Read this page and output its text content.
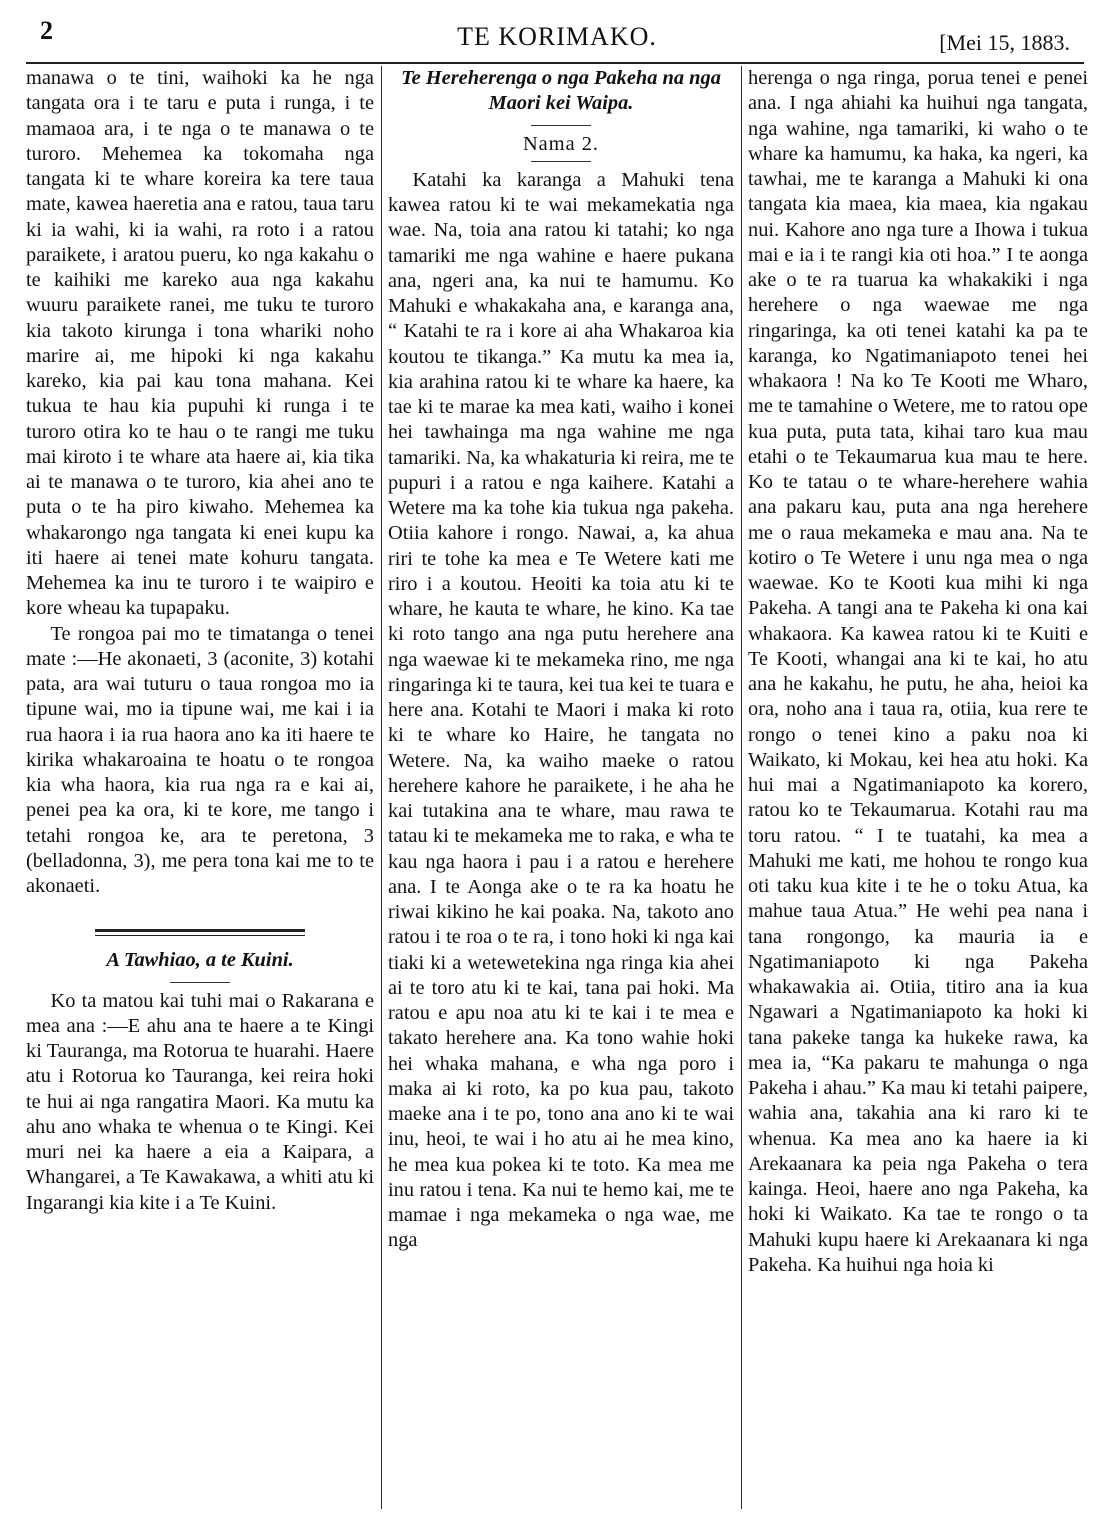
2	TE KORIMAKO.	[Mei 15, 1883.

manawa o te tini, waihoki ka he nga tangata ora i te taru e puta i runga, i te mamaoa ara, i te nga o te manawa o te turoro. Mehemea ka tokomaha nga tangata ki te whare koreira ka tere taua mate, kawea haeretia ana e ratou, taua taru ki ia wahi, ki ia wahi, ra roto i a ratou paraikete, i aratou pueru, ko nga kakahu o te kaihiki me kareko aua nga kakahu wuuru paraikete ranei, me tuku te turoro kia takoto kirunga i tona whariki noho marire ai, me hipoki ki nga kakahu kareko, kia pai kau tona mahana. Kei tukua te hau kia pupuhi ki runga i te turoro otira ko te hau o te rangi me tuku mai kiroto i te whare ata haere ai, kia tika ai te manawa o te turoro, kia ahei ano te puta o te ha piro kiwaho. Mehemea ka whakarongo nga tangata ki enei kupu ka iti haere ai tenei mate kohuru tangata. Mehemea ka inu te turoro i te waipiro e kore wheau ka tupapaku.

Te rongoa pai mo te timatanga o tenei mate :—He akonaeti, 3 (aconite, 3) kotahi pata, ara wai tuturu o taua rongoa mo ia tipune wai, mo ia tipune wai, me kai i ia rua haora i ia rua haora ano ka iti haere te kirika whakaroaina te hoatu o te rongoa kia wha haora, kia rua nga ra e kai ai, penei pea ka ora, ki te kore, me tango i tetahi rongoa ke, ara te peretona, 3 (belladonna, 3), me pera tona kai me to te akonaeti.

A Tawhiao, a te Kuini.

Ko ta matou kai tuhi mai o Rakarana e mea ana :—E ahu ana te haere a te Kingi ki Tauranga, ma Rotorua te huarahi. Haere atu i Rotorua ko Tauranga, kei reira hoki te hui ai nga rangatira Maori. Ka mutu ka ahu ano whaka te whenua o te Kingi. Kei muri nei ka haere a eia a Kaipara, a Whangarei, a Te Kawakawa, a whiti atu ki Ingarangi kia kite i a Te Kuini.

Te Hereherenga o nga Pakeha na nga Maori kei Waipa.

Nama 2.

Katahi ka karanga a Mahuki tena kawea ratou ki te wai mekamekatia nga wae. Na, toia ana ratou ki tatahi; ko nga tamariki me nga wahine e haere pukana ana, ngeri ana, ka nui te hamumu. Ko Mahuki e whakakaha ana, e karanga ana, “ Katahi te ra i kore ai aha Whakaroa kia koutou te tikanga.” Ka mutu ka mea ia, kia arahina ratou ki te whare ka haere, ka tae ki te marae ka mea kati, waiho i konei hei tawhainga ma nga wahine me nga tamariki. Na, ka whakaturia ki reira, me te pupuri i a ratou e nga kaihere. Katahi a Wetere ma ka tohe kia tukua nga pakeha. Otiia kahore i rongo. Nawai, a, ka ahua riri te tohe ka mea e Te Wetere kati me riro i a koutou. Heoiti ka toia atu ki te whare, he kauta te whare, he kino. Ka tae ki roto tango ana nga putu herehere ana nga waewae ki te mekameka rino, me nga ringaringa ki te taura, kei tua kei te tuara e here ana. Kotahi te Maori i maka ki roto ki te whare ko Haire, he tangata no Wetere. Na, ka waiho maeke o ratou herehere kahore he paraikete, i he aha he kai tutakina ana te whare, mau rawa te tatau ki te mekameka me to raka, e wha te kau nga haora i pau i a ratou e herehere ana. I te Aonga ake o te ra ka hoatu he riwai kikino he kai poaka. Na, takoto ano ratou i te roa o te ra, i tono hoki ki nga kai tiaki ki a wetewetekina nga ringa kia ahei ai te toro atu ki te kai, tana pai hoki. Ma ratou e apu noa atu ki te kai i te mea e takato herehere ana. Ka tono wahie hoki hei whaka mahana, e wha nga poro i maka ai ki roto, ka po kua pau, takoto maeke ana i te po, tono ana ano ki te wai inu, heoi, te wai i ho atu ai he mea kino, he mea kua pokea ki te toto. Ka mea me inu ratou i tena. Ka nui te hemo kai, me te mamae i nga mekameka o nga wae, me nga

herenga o nga ringa, porua tenei e penei ana. I nga ahiahi ka huihui nga tangata, nga wahine, nga tamariki, ki waho o te whare ka hamumu, ka haka, ka ngeri, ka tawhai, me te karanga a Mahuki ki ona tangata kia maea, kia maea, kia ngakau nui. Kahore ano nga ture a Ihowa i tukua mai e ia i te rangi kia oti hoa.” I te aonga ake o te ra tuarua ka whakakiki i nga herehere o nga waewae me nga ringaringa, ka oti tenei katahi ka pa te karanga, ko Ngatimaniapoto tenei hei whakaora ! Na ko Te Kooti me Wharo, me te tamahine o Wetere, me to ratou ope kua puta, puta tata, kihai taro kua mau etahi o te Tekaumarua kua mau te here. Ko te tatau o te whare-herehere wahia ana pakaru kau, puta ana nga herehere me o raua mekameka e mau ana. Na te kotiro o Te Wetere i unu nga mea o nga waewae. Ko te Kooti kua mihi ki nga Pakeha. A tangi ana te Pakeha ki ona kai whakaora. Ka kawea ratou ki te Kuiti e Te Kooti, whangai ana ki te kai, ho atu ana he kakahu, he putu, he aha, heioi ka ora, noho ana i taua ra, otiia, kua rere te rongo o tenei kino a paku noa ki Waikato, ki Mokau, kei hea atu hoki. Ka hui mai a Ngatimaniapoto ka korero, ratou ko te Tekaumarua. Kotahi rau ma toru ratou. “ I te tuatahi, ka mea a Mahuki me kati, me hohou te rongo kua oti taku kua kite i te he o toku Atua, ka mahue taua Atua.” He wehi pea nana i tana rongongo, ka mauria ia e Ngatimaniapoto ki nga Pakeha whakawakia ai. Otiia, titiro ana ia kua Ngawari a Ngatimaniapoto ka hoki ki tana pakeke tanga ka hukeke rawa, ka mea ia, “Ka pakaru te mahunga o nga Pakeha i ahau.” Ka mau ki tetahi paipere, wahia ana, takahia ana ki raro ki te whenua. Ka mea ano ka haere ia ki Arekaanara ka peia nga Pakeha o tera kainga. Heoi, haere ano nga Pakeha, ka hoki ki Waikato. Ka tae te rongo o ta Mahuki kupu haere ki Arekaanara ki nga Pakeha. Ka huihui nga hoia ki
